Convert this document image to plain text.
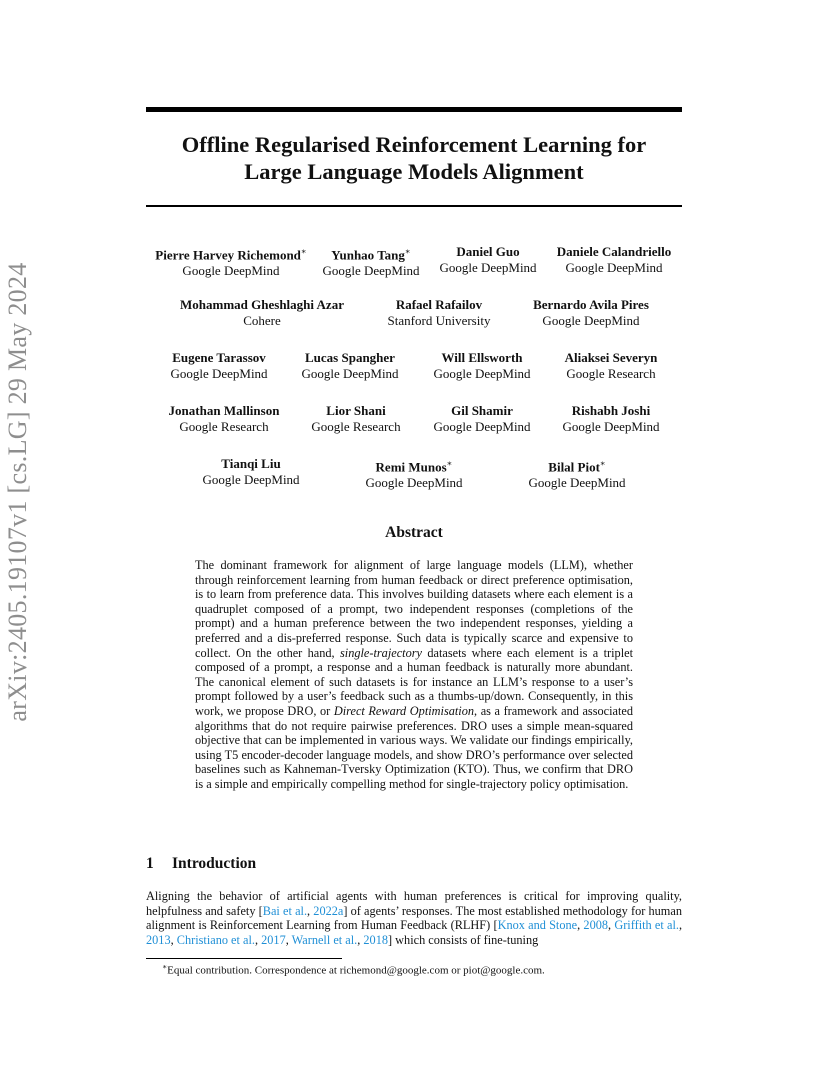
arXiv:2405.19107v1 [cs.LG] 29 May 2024
Offline Regularised Reinforcement Learning for
Large Language Models Alignment
Pierre Harvey Richemond∗
Google DeepMind
Yunhao Tang∗
Google DeepMind
Daniel Guo
Google DeepMind
Daniele Calandriello
Google DeepMind
Mohammad Gheshlaghi Azar
Cohere
Rafael Rafailov
Stanford University
Bernardo Avila Pires
Google DeepMind
Eugene Tarassov
Google DeepMind
Lucas Spangher
Google DeepMind
Will Ellsworth
Google DeepMind
Aliaksei Severyn
Google Research
Jonathan Mallinson
Google Research
Lior Shani
Google Research
Gil Shamir
Google DeepMind
Rishabh Joshi
Google DeepMind
Tianqi Liu
Google DeepMind
Remi Munos∗
Google DeepMind
Bilal Piot∗
Google DeepMind
Abstract
The dominant framework for alignment of large language models (LLM), whether through reinforcement learning from human feedback or direct preference optimisation, is to learn from preference data. This involves building datasets where each element is a quadruplet composed of a prompt, two independent responses (completions of the prompt) and a human preference between the two independent responses, yielding a preferred and a dis-preferred response. Such data is typically scarce and expensive to collect. On the other hand, single-trajectory datasets where each element is a triplet composed of a prompt, a response and a human feedback is naturally more abundant. The canonical element of such datasets is for instance an LLM’s response to a user’s prompt followed by a user’s feedback such as a thumbs-up/down. Consequently, in this work, we propose DRO, or Direct Reward Optimisation, as a framework and associated algorithms that do not require pairwise preferences. DRO uses a simple mean-squared objective that can be implemented in various ways. We validate our findings empirically, using T5 encoder-decoder language models, and show DRO’s performance over selected baselines such as Kahneman-Tversky Optimization (KTO). Thus, we confirm that DRO is a simple and empirically compelling method for single-trajectory policy optimisation.
1 Introduction
Aligning the behavior of artificial agents with human preferences is critical for improving quality, helpfulness and safety [Bai et al., 2022a] of agents’ responses. The most established methodology for human alignment is Reinforcement Learning from Human Feedback (RLHF) [Knox and Stone, 2008, Griffith et al., 2013, Christiano et al., 2017, Warnell et al., 2018] which consists of fine-tuning
∗Equal contribution. Correspondence at richemond@google.com or piot@google.com.
